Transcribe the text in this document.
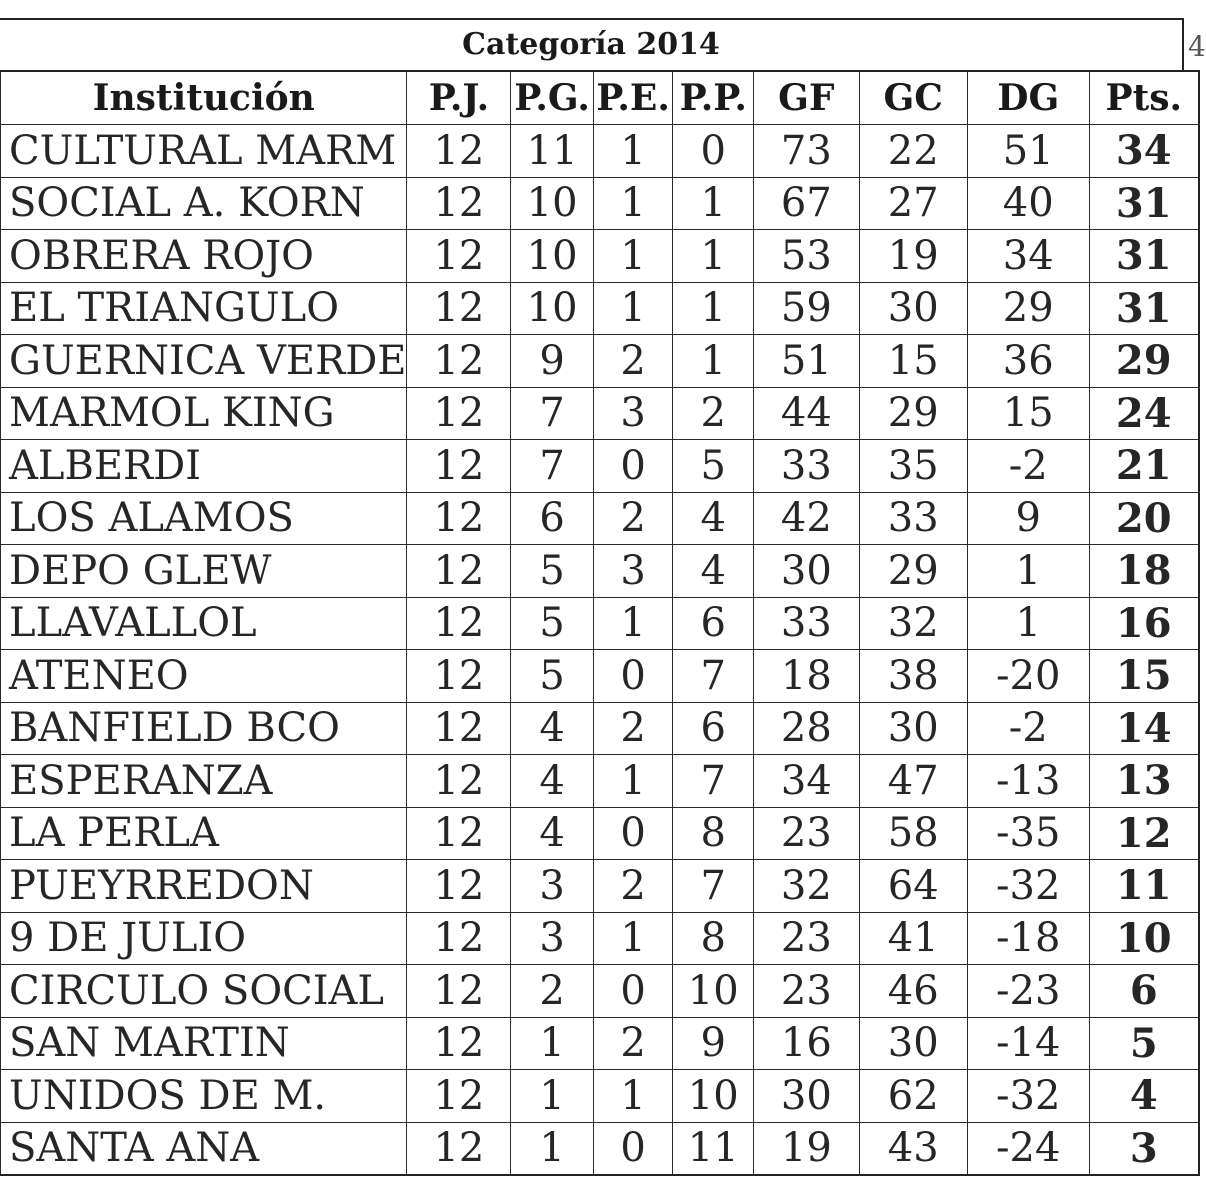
4
Categoría 2014
Institución	P.J.	P.G.	P.E.	P.P.	GF	GC	DG	Pts.
CULTURAL MARM	12	11	1	0	73	22	51	34
SOCIAL A. KORN	12	10	1	1	67	27	40	31
OBRERA ROJO	12	10	1	1	53	19	34	31
EL TRIANGULO	12	10	1	1	59	30	29	31
GUERNICA VERDE	12	9	2	1	51	15	36	29
MARMOL KING	12	7	3	2	44	29	15	24
ALBERDI	12	7	0	5	33	35	-2	21
LOS ALAMOS	12	6	2	4	42	33	9	20
DEPO GLEW	12	5	3	4	30	29	1	18
LLAVALLOL	12	5	1	6	33	32	1	16
ATENEO	12	5	0	7	18	38	-20	15
BANFIELD BCO	12	4	2	6	28	30	-2	14
ESPERANZA	12	4	1	7	34	47	-13	13
LA PERLA	12	4	0	8	23	58	-35	12
PUEYRREDON	12	3	2	7	32	64	-32	11
9 DE JULIO	12	3	1	8	23	41	-18	10
CIRCULO SOCIAL	12	2	0	10	23	46	-23	6
SAN MARTIN	12	1	2	9	16	30	-14	5
UNIDOS DE M.	12	1	1	10	30	62	-32	4
SANTA ANA	12	1	0	11	19	43	-24	3
